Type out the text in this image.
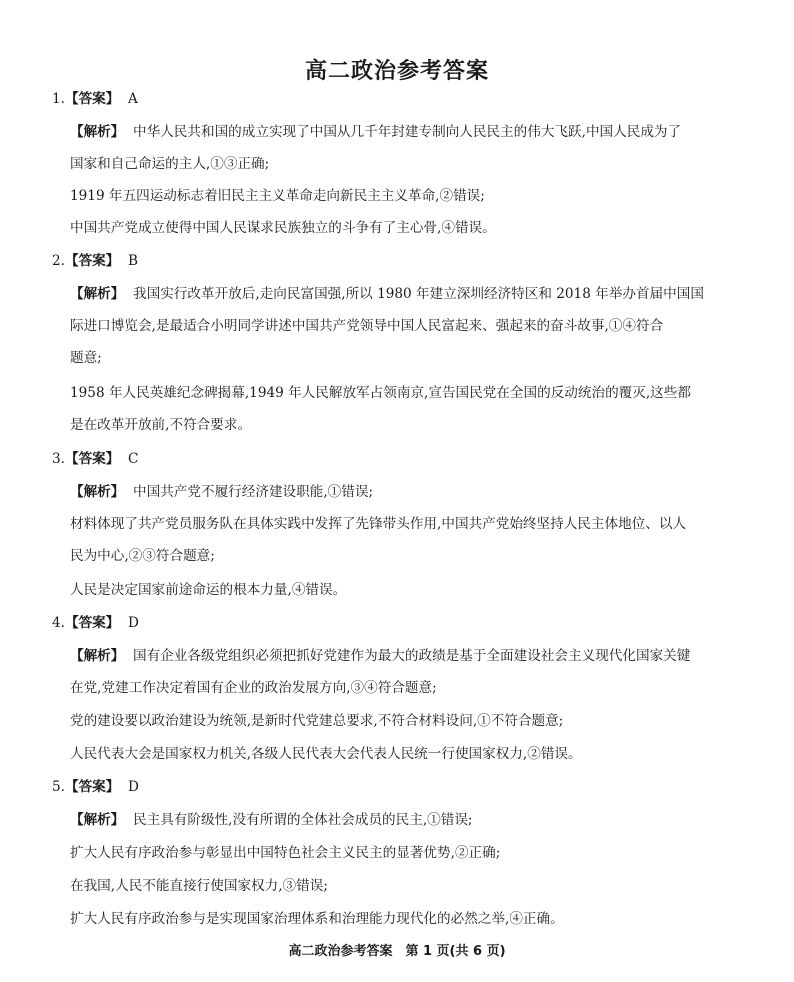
高二政治参考答案
1.【答案】 A
【解析】 中华人民共和国的成立实现了中国从几千年封建专制向人民民主的伟大飞跃,中国人民成为了
国家和自己命运的主人,①③正确;
1919 年五四运动标志着旧民主主义革命走向新民主主义革命,②错误;
中国共产党成立使得中国人民谋求民族独立的斗争有了主心骨,④错误。
2.【答案】 B
【解析】 我国实行改革开放后,走向民富国强,所以 1980 年建立深圳经济特区和 2018 年举办首届中国国
际进口博览会,是最适合小明同学讲述中国共产党领导中国人民富起来、强起来的奋斗故事,①④符合
题意;
1958 年人民英雄纪念碑揭幕,1949 年人民解放军占领南京,宣告国民党在全国的反动统治的覆灭,这些都
是在改革开放前,不符合要求。
3.【答案】 C
【解析】 中国共产党不履行经济建设职能,①错误;
材料体现了共产党员服务队在具体实践中发挥了先锋带头作用,中国共产党始终坚持人民主体地位、以人
民为中心,②③符合题意;
人民是决定国家前途命运的根本力量,④错误。
4.【答案】 D
【解析】 国有企业各级党组织必须把抓好党建作为最大的政绩是基于全面建设社会主义现代化国家关键
在党,党建工作决定着国有企业的政治发展方向,③④符合题意;
党的建设要以政治建设为统领,是新时代党建总要求,不符合材料设问,①不符合题意;
人民代表大会是国家权力机关,各级人民代表大会代表人民统一行使国家权力,②错误。
5.【答案】 D
【解析】 民主具有阶级性,没有所谓的全体社会成员的民主,①错误;
扩大人民有序政治参与彰显出中国特色社会主义民主的显著优势,②正确;
在我国,人民不能直接行使国家权力,③错误;
扩大人民有序政治参与是实现国家治理体系和治理能力现代化的必然之举,④正确。
高二政治参考答案　第 1 页(共 6 页)
